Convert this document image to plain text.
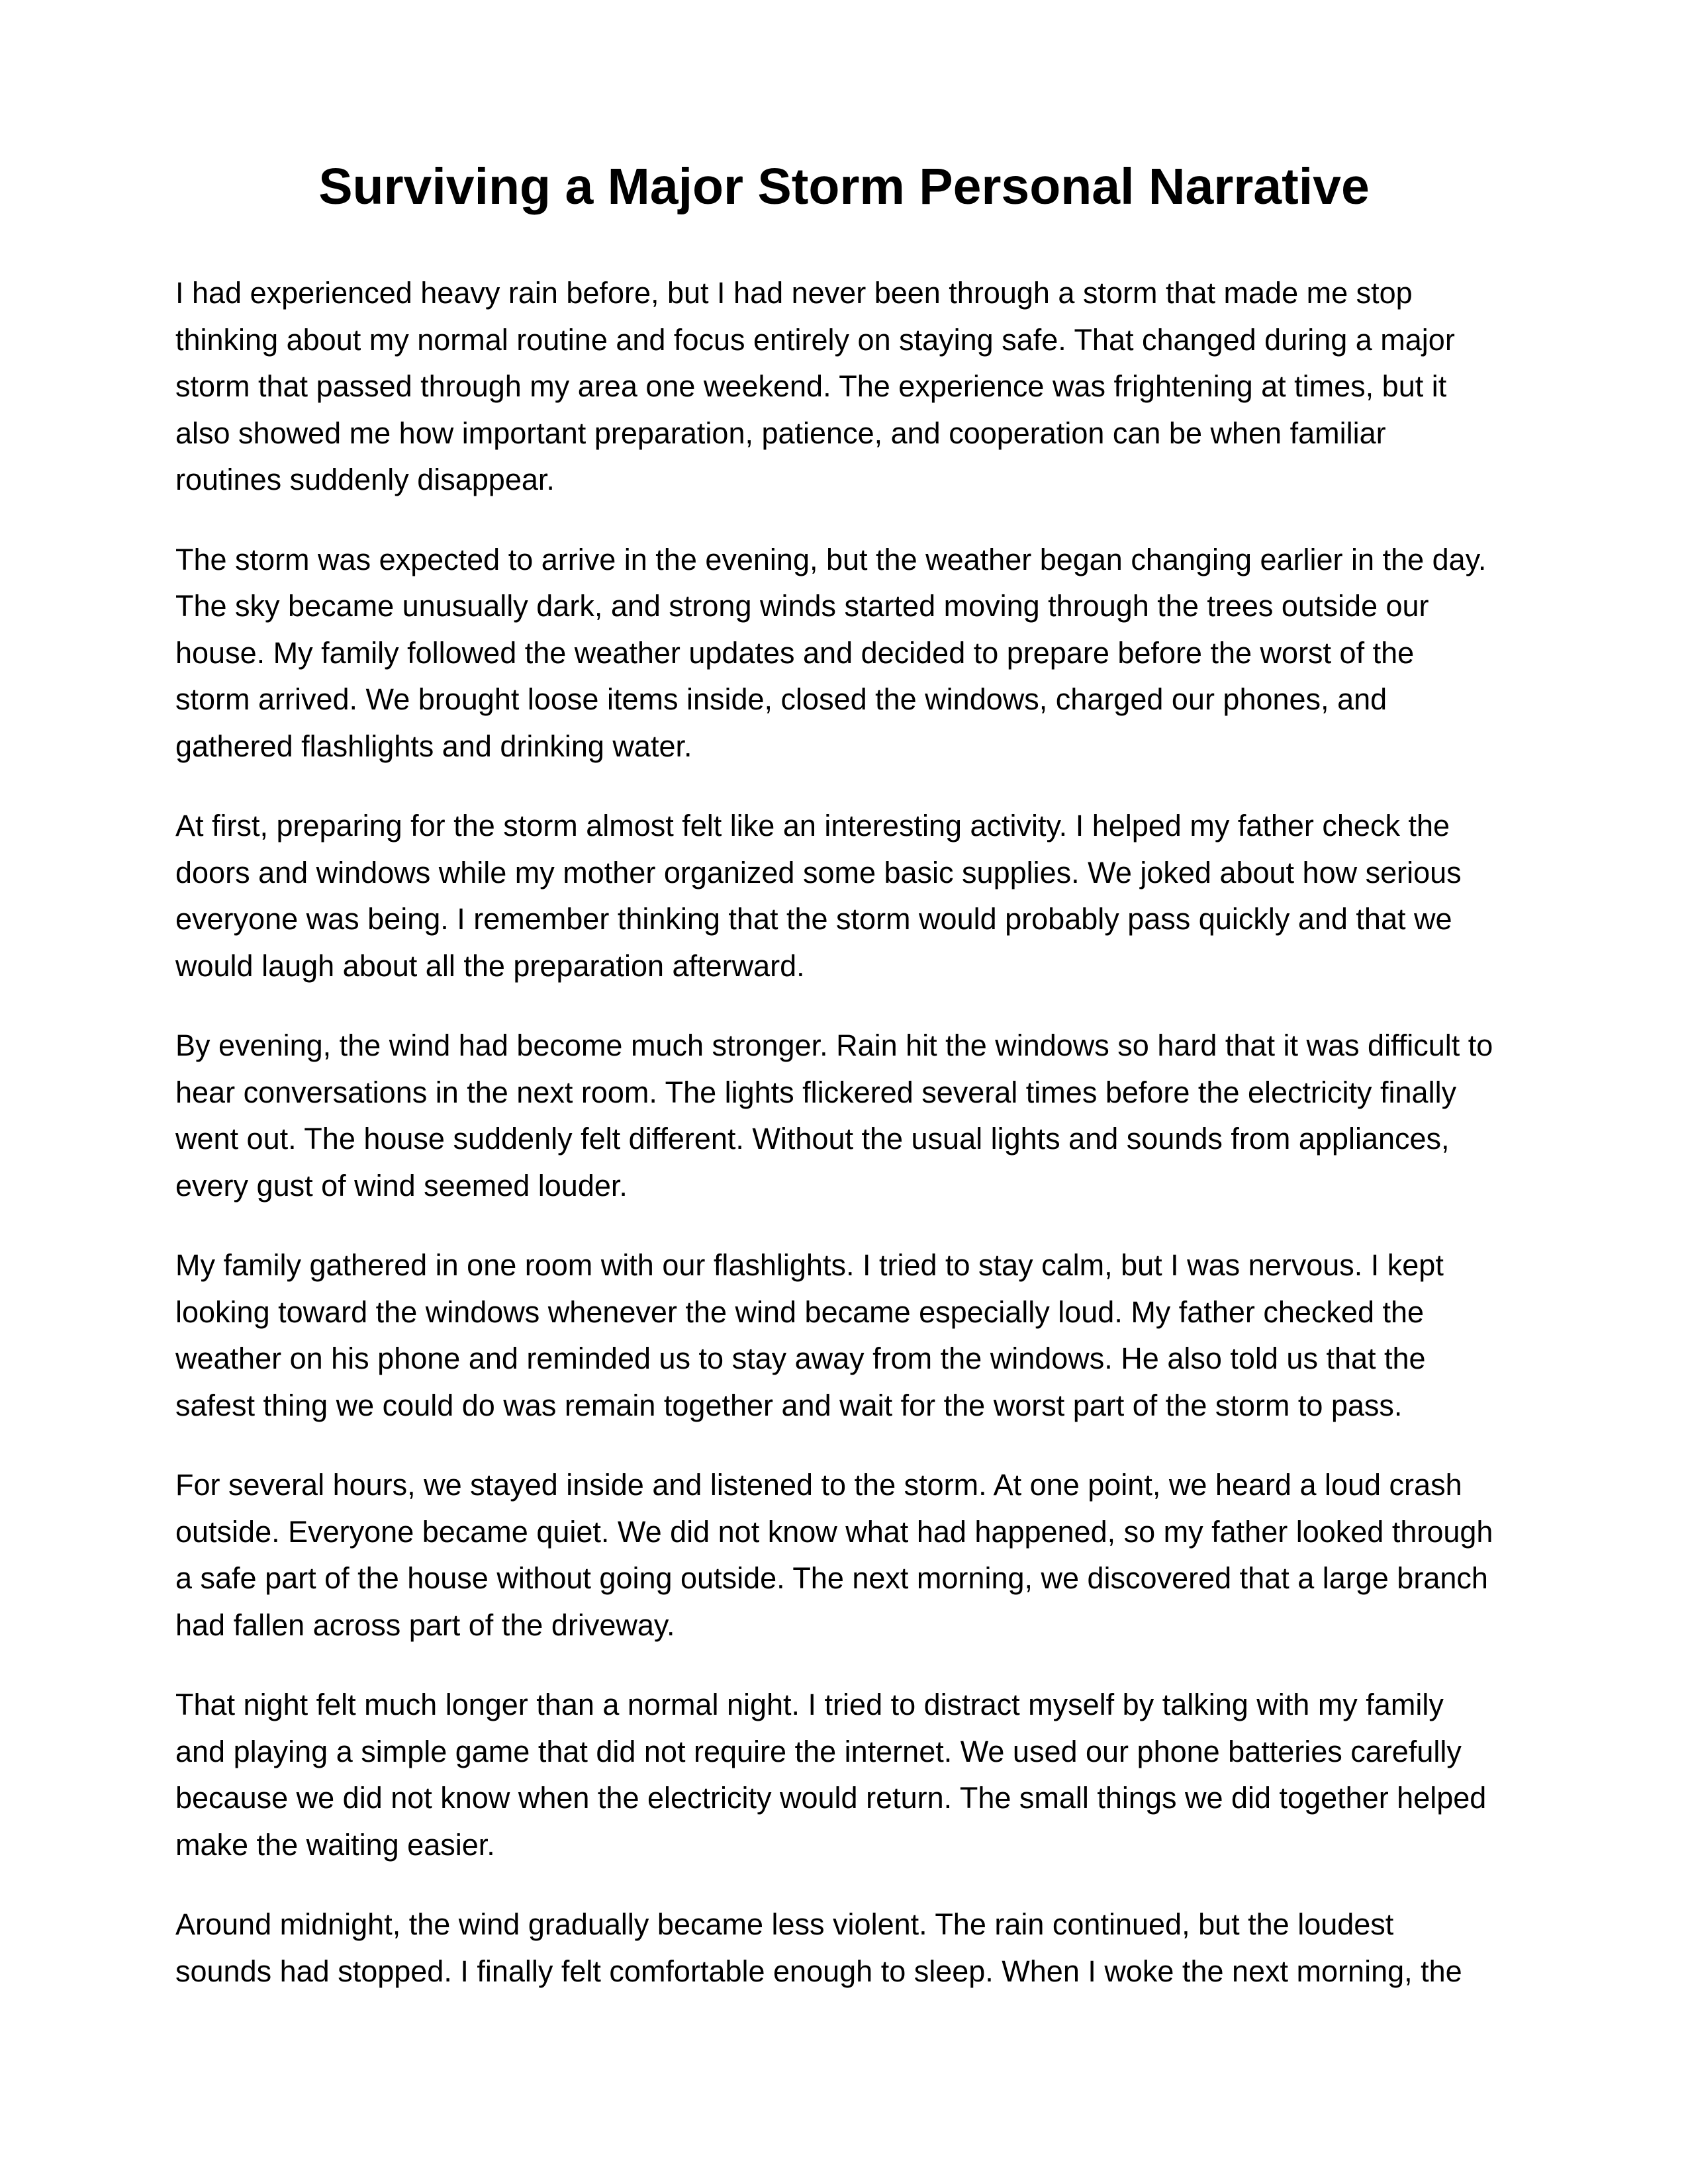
Surviving a Major Storm Personal Narrative

I had experienced heavy rain before, but I had never been through a storm that made me stop
thinking about my normal routine and focus entirely on staying safe. That changed during a major
storm that passed through my area one weekend. The experience was frightening at times, but it
also showed me how important preparation, patience, and cooperation can be when familiar
routines suddenly disappear.

The storm was expected to arrive in the evening, but the weather began changing earlier in the day.
The sky became unusually dark, and strong winds started moving through the trees outside our
house. My family followed the weather updates and decided to prepare before the worst of the
storm arrived. We brought loose items inside, closed the windows, charged our phones, and
gathered flashlights and drinking water.

At first, preparing for the storm almost felt like an interesting activity. I helped my father check the
doors and windows while my mother organized some basic supplies. We joked about how serious
everyone was being. I remember thinking that the storm would probably pass quickly and that we
would laugh about all the preparation afterward.

By evening, the wind had become much stronger. Rain hit the windows so hard that it was difficult to
hear conversations in the next room. The lights flickered several times before the electricity finally
went out. The house suddenly felt different. Without the usual lights and sounds from appliances,
every gust of wind seemed louder.

My family gathered in one room with our flashlights. I tried to stay calm, but I was nervous. I kept
looking toward the windows whenever the wind became especially loud. My father checked the
weather on his phone and reminded us to stay away from the windows. He also told us that the
safest thing we could do was remain together and wait for the worst part of the storm to pass.

For several hours, we stayed inside and listened to the storm. At one point, we heard a loud crash
outside. Everyone became quiet. We did not know what had happened, so my father looked through
a safe part of the house without going outside. The next morning, we discovered that a large branch
had fallen across part of the driveway.

That night felt much longer than a normal night. I tried to distract myself by talking with my family
and playing a simple game that did not require the internet. We used our phone batteries carefully
because we did not know when the electricity would return. The small things we did together helped
make the waiting easier.

Around midnight, the wind gradually became less violent. The rain continued, but the loudest
sounds had stopped. I finally felt comfortable enough to sleep. When I woke the next morning, the
